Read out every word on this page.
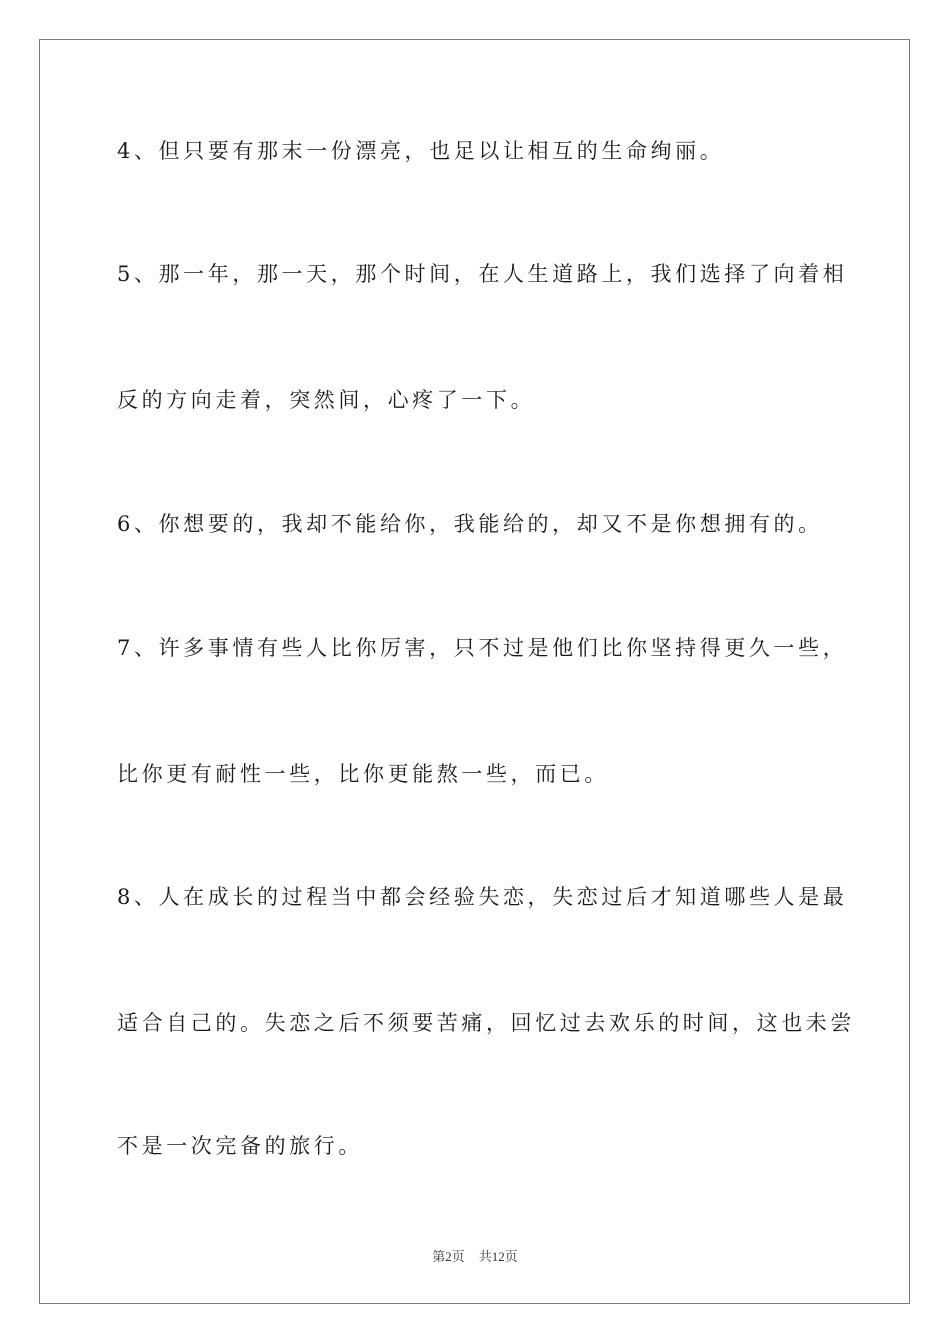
4、但只要有那末一份漂亮，也足以让相互的生命绚丽。
5、那一年，那一天，那个时间，在人生道路上，我们选择了向着相
反的方向走着，突然间，心疼了一下。
6、你想要的，我却不能给你，我能给的，却又不是你想拥有的。
7、许多事情有些人比你厉害，只不过是他们比你坚持得更久一些，
比你更有耐性一些，比你更能熬一些，而已。
8、人在成长的过程当中都会经验失恋，失恋过后才知道哪些人是最
适合自己的。失恋之后不须要苦痛，回忆过去欢乐的时间，这也未尝
不是一次完备的旅行。
第2页 共12页
